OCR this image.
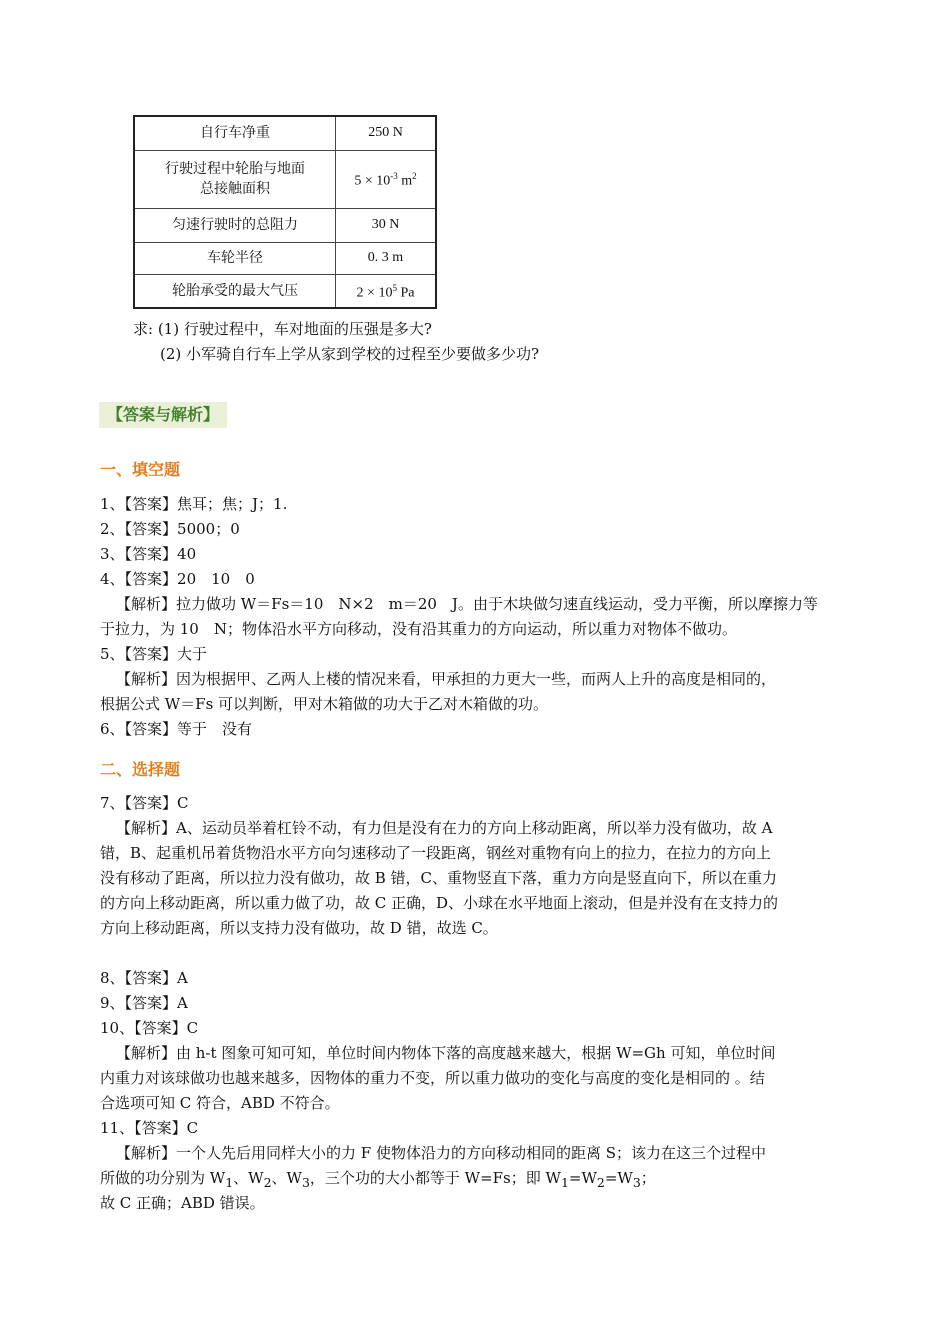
自行车净重	250 N

行驶过程中轮胎与地面
总接触面积	$5 \times 10^{-3}$ $m^2$
匀速行驶时的总阻力	30 N
车轮半径	0. 3 m
轮胎承受的最大气压	$2 \times 10^5$ Pa
求: (1) 行驶过程中，车对地面的压强是多大?
(2) 小军骑自行车上学从家到学校的过程至少要做多少功?
【答案与解析】
一、填空题
1、【答案】焦耳；焦；J；1.
2、【答案】5000；0
3、【答案】40
4、【答案】20　10　0
【解析】拉力做功 W＝Fs＝10　N×2　m＝20　J。由于木块做匀速直线运动，受力平衡，所以摩擦力等
于拉力，为 10　N；物体沿水平方向移动，没有沿其重力的方向运动，所以重力对物体不做功。
5、【答案】大于
【解析】因为根据甲、乙两人上楼的情况来看，甲承担的力更大一些，而两人上升的高度是相同的，
根据公式 W＝Fs 可以判断，甲对木箱做的功大于乙对木箱做的功。
6、【答案】等于　没有
二、选择题
7、【答案】C
【解析】A、运动员举着杠铃不动，有力但是没有在力的方向上移动距离，所以举力没有做功，故 A
错，B、起重机吊着货物沿水平方向匀速移动了一段距离，钢丝对重物有向上的拉力，在拉力的方向上
没有移动了距离，所以拉力没有做功，故 B 错，C、重物竖直下落，重力方向是竖直向下，所以在重力
的方向上移动距离，所以重力做了功，故 C 正确，D、小球在水平地面上滚动，但是并没有在支持力的
方向上移动距离，所以支持力没有做功，故 D 错，故选 C。
8、【答案】A
9、【答案】A
10、【答案】C
【解析】由 h-t 图象可知可知，单位时间内物体下落的高度越来越大，根据 W=Gh 可知，单位时间
内重力对该球做功也越来越多，因物体的重力不变，所以重力做功的变化与高度的变化是相同的 。结
合选项可知 C 符合，ABD 不符合。
11、【答案】C
【解析】一个人先后用同样大小的力 F 使物体沿力的方向移动相同的距离 S；该力在这三个过程中
所做的功分别为 $W_1$、$W_2$、$W_3$，三个功的大小都等于 W=Fs；即 $W_1=W_2=W_3$；
故 C 正确；ABD 错误。
